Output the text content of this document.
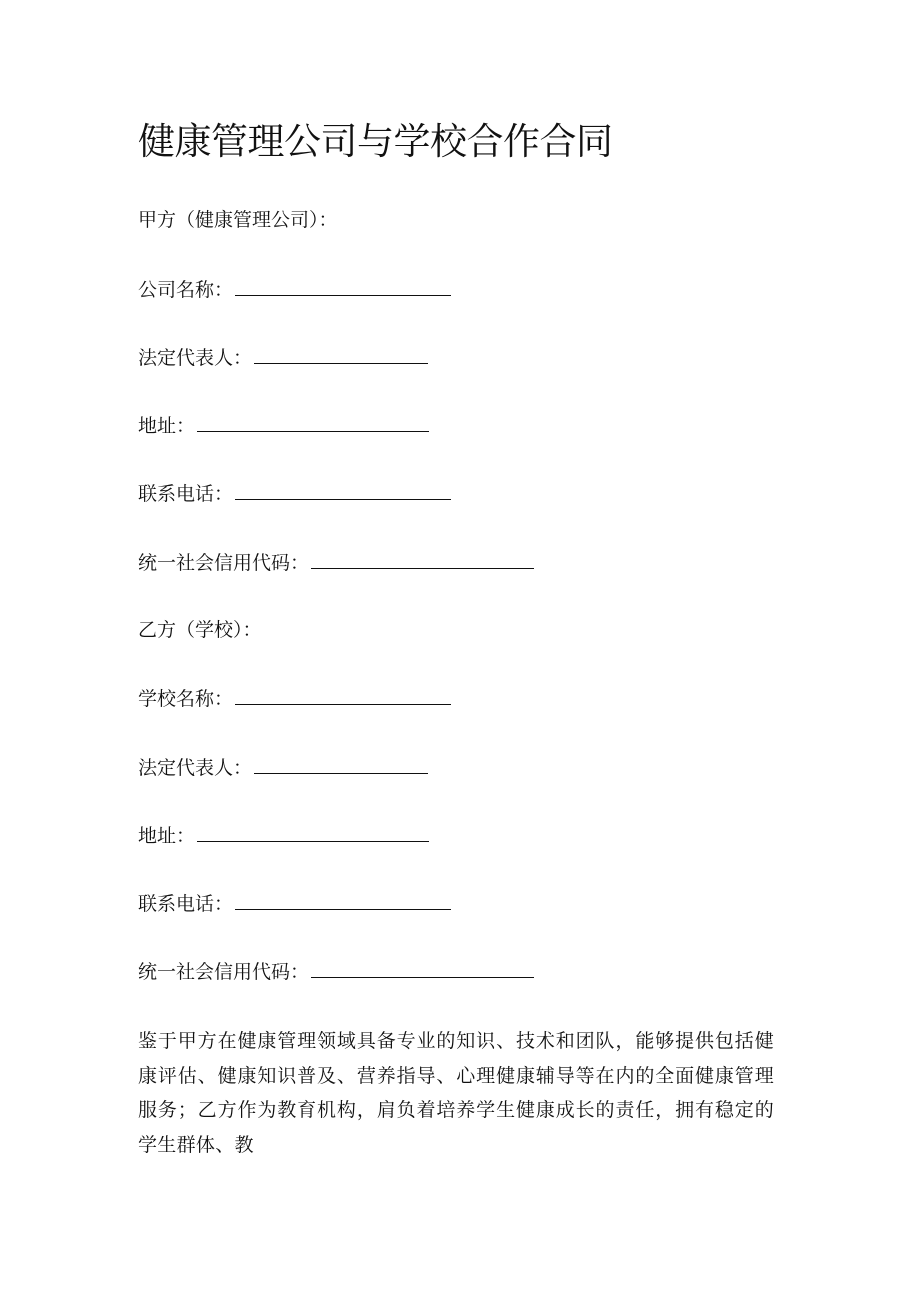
健康管理公司与学校合作合同
甲方（健康管理公司）：
公司名称：
法定代表人：
地址：
联系电话：
统一社会信用代码：
乙方（学校）：
学校名称：
法定代表人：
地址：
联系电话：
统一社会信用代码：

鉴于甲方在健康管理领域具备专业的知识、技术和团队，能够提供包括健康评估、健康知识普及、营养指导、心理健康辅导等在内的全面健康管理服务；乙方作为教育机构，肩负着培养学生健康成长的责任，拥有稳定的学生群体、教
